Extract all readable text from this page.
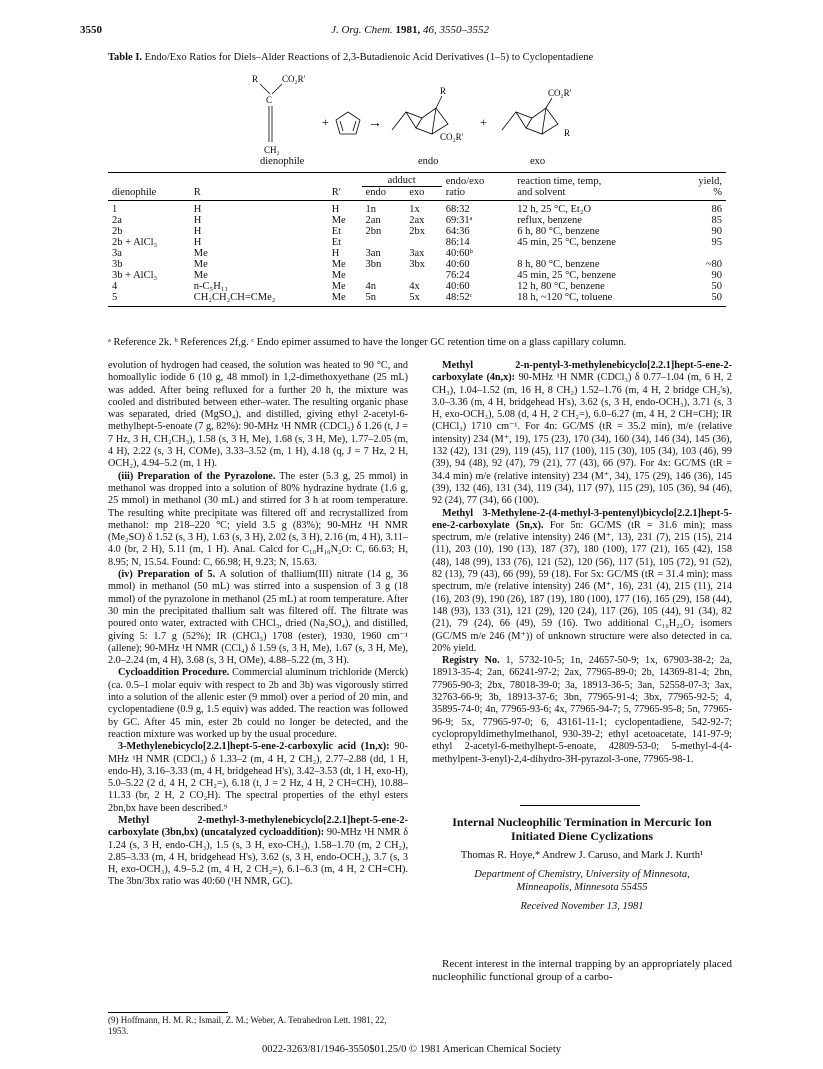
3550	J. Org. Chem. 1981, 46, 3550–3552
Table I. Endo/Exo Ratios for Diels–Alder Reactions of 2,3-Butadienoic Acid Derivatives (1–5) to Cyclopentadiene
R	CO₂R′
C
CH₂
+	→
R
CO₂R′
+
CO₂R′
R
dienophile	endo	exo
			adduct		endo/exo	reaction time, temp,	yield,
dienophile	R	R′	endo	exo	ratio	and solvent	%
1	H	H	1n	1x	68:32	12 h, 25 °C, Et₂O	86
2a	H	Me	2an	2ax	69:31ᵃ	reflux, benzene	85
2b	H	Et	2bn	2bx	64:36	6 h, 80 °C, benzene	90
2b + AlCl₃	H	Et			86:14	45 min, 25 °C, benzene	95
3a	Me	H	3an	3ax	40:60ᵇ		
3b	Me	Me	3bn	3bx	40:60	8 h, 80 °C, benzene	~80
3b + AlCl₃	Me	Me			76:24	45 min, 25 °C, benzene	90
4	n-C₅H₁₁	Me	4n	4x	40:60	12 h, 80 °C, benzene	50
5	CH₂CH₂CH=CMe₂	Me	5n	5x	48:52ᶜ	18 h, ~120 °C, toluene	50
ᵃ Reference 2k. ᵇ References 2f,g. ᶜ Endo epimer assumed to have the longer GC retention time on a glass capillary column.

evolution of hydrogen had ceased, the solution was heated to 90 °C, and homoallylic iodide 6 (10 g, 48 mmol) in 1,2-dimethoxyethane (25 mL) was added. After being refluxed for a further 20 h, the mixture was cooled and distributed between ether–water. The resulting organic phase was separated, dried (MgSO₄), and distilled, giving ethyl 2-acetyl-6-methylhept-5-enoate (7 g, 82%): 90-MHz ¹H NMR (CDCl₃) δ 1.26 (t, J = 7 Hz, 3 H, CH₂CH₃), 1.58 (s, 3 H, Me), 1.68 (s, 3 H, Me), 1.77–2.05 (m, 4 H), 2.22 (s, 3 H, COMe), 3.33–3.52 (m, 1 H), 4.18 (q, J = 7 Hz, 2 H, OCH₂), 4.94–5.2 (m, 1 H).

(iii) Preparation of the Pyrazolone. The ester (5.3 g, 25 mmol) in methanol was dropped into a solution of 80% hydrazine hydrate (1.6 g, 25 mmol) in methanol (30 mL) and stirred for 3 h at room temperature. The resulting white precipitate was filtered off and recrystallized from methanol: mp 218–220 °C; yield 3.5 g (83%); 90-MHz ¹H NMR (Me₂SO) δ 1.52 (s, 3 H), 1.63 (s, 3 H), 2.02 (s, 3 H), 2.16 (m, 4 H), 3.11–4.0 (br, 2 H), 5.11 (m, 1 H). Anal. Calcd for C₁₀H₁₆N₂O: C, 66.63; H, 8.95; N, 15.54. Found: C, 66.98; H, 9.23; N, 15.63.

(iv) Preparation of 5. A solution of thallium(III) nitrate (14 g, 36 mmol) in methanol (50 mL) was stirred into a suspension of 3 g (18 mmol) of the pyrazolone in methanol (25 mL) at room temperature. After 30 min the precipitated thallium salt was filtered off. The filtrate was poured onto water, extracted with CHCl₃, dried (Na₂SO₄), and distilled, giving 5: 1.7 g (52%); IR (CHCl₃) 1708 (ester), 1930, 1960 cm⁻¹ (allene); 90-MHz ¹H NMR (CCl₄) δ 1.59 (s, 3 H, Me), 1.67 (s, 3 H, Me), 2.0–2.24 (m, 4 H), 3.68 (s, 3 H, OMe), 4.88–5.22 (m, 3 H).

Cycloaddition Procedure. Commercial aluminum trichloride (Merck) (ca. 0.5–1 molar equiv with respect to 2b and 3b) was vigorously stirred into a solution of the allenic ester (9 mmol) over a period of 20 min, and cyclopentadiene (0.9 g, 1.5 equiv) was added. The reaction was followed by GC. After 45 min, ester 2b could no longer be detected, and the reaction mixture was worked up by the usual procedure.

3-Methylenebicyclo[2.2.1]hept-5-ene-2-carboxylic acid (1n,x): 90-MHz ¹H NMR (CDCl₃) δ 1.33–2 (m, 4 H, 2 CH₂), 2.77–2.88 (dd, 1 H, endo-H), 3.16–3.33 (m, 4 H, bridgehead H's), 3.42–3.53 (dt, 1 H, exo-H), 5.0–5.22 (2 d, 4 H, 2 CH₂=), 6.18 (t, J = 2 Hz, 4 H, 2 CH=CH), 10.88–11.33 (br, 2 H, 2 CO₂H). The spectral properties of the ethyl esters 2bn,bx have been described.⁹

Methyl 2-methyl-3-methylenebicyclo[2.2.1]hept-5-ene-2-carboxylate (3bn,bx) (uncatalyzed cycloaddition): 90-MHz ¹H NMR δ 1.24 (s, 3 H, endo-CH₃), 1.5 (s, 3 H, exo-CH₃), 1.58–1.70 (m, 2 CH₂), 2.85–3.33 (m, 4 H, bridgehead H's), 3.62 (s, 3 H, endo-OCH₃), 3.7 (s, 3 H, exo-OCH₃), 4.9–5.2 (m, 4 H, 2 CH₂=), 6.1–6.3 (m, 4 H, 2 CH=CH). The 3bn/3bx ratio was 40:60 (¹H NMR, GC).

(9) Hoffmann, H. M. R.; Ismail, Z. M.; Weber, A. Tetrahedron Lett. 1981, 22, 1953.

Methyl 2-n-pentyl-3-methylenebicyclo[2.2.1]hept-5-ene-2-carboxylate (4n,x): 90-MHz ¹H NMR (CDCl₃) δ 0.77–1.04 (m, 6 H, 2 CH₃), 1.04–1.52 (m, 16 H, 8 CH₂) 1.52–1.76 (m, 4 H, 2 bridge CH₂'s), 3.0–3.36 (m, 4 H, bridgehead H's), 3.62 (s, 3 H, endo-OCH₃), 3.71 (s, 3 H, exo-OCH₃), 5.08 (d, 4 H, 2 CH₂=), 6.0–6.27 (m, 4 H, 2 CH=CH); IR (CHCl₃) 1710 cm⁻¹. For 4n: GC/MS (tR = 35.2 min), m/e (relative intensity) 234 (M⁺, 19), 175 (23), 170 (34), 160 (34), 146 (34), 145 (36), 132 (42), 131 (29), 119 (45), 117 (100), 115 (30), 105 (34), 103 (46), 99 (39), 94 (48), 92 (47), 79 (21), 77 (43), 66 (97). For 4x: GC/MS (tR = 34.4 min) m/e (relative intensity) 234 (M⁺, 34), 175 (29), 146 (36), 145 (39), 132 (46), 131 (34), 119 (34), 117 (97), 115 (29), 105 (36), 94 (46), 92 (24), 77 (34), 66 (100).

Methyl 3-Methylene-2-(4-methyl-3-pentenyl)bicyclo[2.2.1]hept-5-ene-2-carboxylate (5n,x). For 5n: GC/MS (tR = 31.6 min); mass spectrum, m/e (relative intensity) 246 (M⁺, 13), 231 (7), 215 (15), 214 (11), 203 (10), 190 (13), 187 (37), 180 (100), 177 (21), 165 (42), 158 (48), 148 (99), 133 (76), 121 (52), 120 (56), 117 (51), 105 (72), 91 (52), 82 (13), 79 (43), 66 (99), 59 (18). For 5x: GC/MS (tR = 31.4 min); mass spectrum, m/e (relative intensity) 246 (M⁺, 16), 231 (4), 215 (11), 214 (16), 203 (9), 190 (26), 187 (19), 180 (100), 177 (16), 165 (29), 158 (44), 148 (93), 133 (31), 121 (29), 120 (24), 117 (26), 105 (44), 91 (34), 82 (21), 79 (24), 66 (49), 59 (16). Two additional C₁₆H₂₂O₂ isomers (GC/MS m/e 246 (M⁺)) of unknown structure were also detected in ca. 20% yield.

Registry No. 1, 5732-10-5; 1n, 24657-50-9; 1x, 67903-38-2; 2a, 18913-35-4; 2an, 66241-97-2; 2ax, 77965-89-0; 2b, 14369-81-4; 2bn, 77965-90-3; 2bx, 78018-39-0; 3a, 18913-36-5; 3an, 52558-07-3; 3ax, 32763-66-9; 3b, 18913-37-6; 3bn, 77965-91-4; 3bx, 77965-92-5; 4, 35895-74-0; 4n, 77965-93-6; 4x, 77965-94-7; 5, 77965-95-8; 5n, 77965-96-9; 5x, 77965-97-0; 6, 43161-11-1; cyclopentadiene, 542-92-7; cyclopropyldimethylmethanol, 930-39-2; ethyl acetoacetate, 141-97-9; ethyl 2-acetyl-6-methylhept-5-enoate, 42809-53-0; 5-methyl-4-(4-methylpent-3-enyl)-2,4-dihydro-3H-pyrazol-3-one, 77965-98-1.

Internal Nucleophilic Termination in Mercuric Ion Initiated Diene Cyclizations
Thomas R. Hoye,* Andrew J. Caruso, and Mark J. Kurth¹
Department of Chemistry, University of Minnesota,
Minneapolis, Minnesota 55455
Received November 13, 1981
Recent interest in the internal trapping by an appropriately placed nucleophilic functional group of a carbo-
0022-3263/81/1946-3550$01.25/0 © 1981 American Chemical Society
